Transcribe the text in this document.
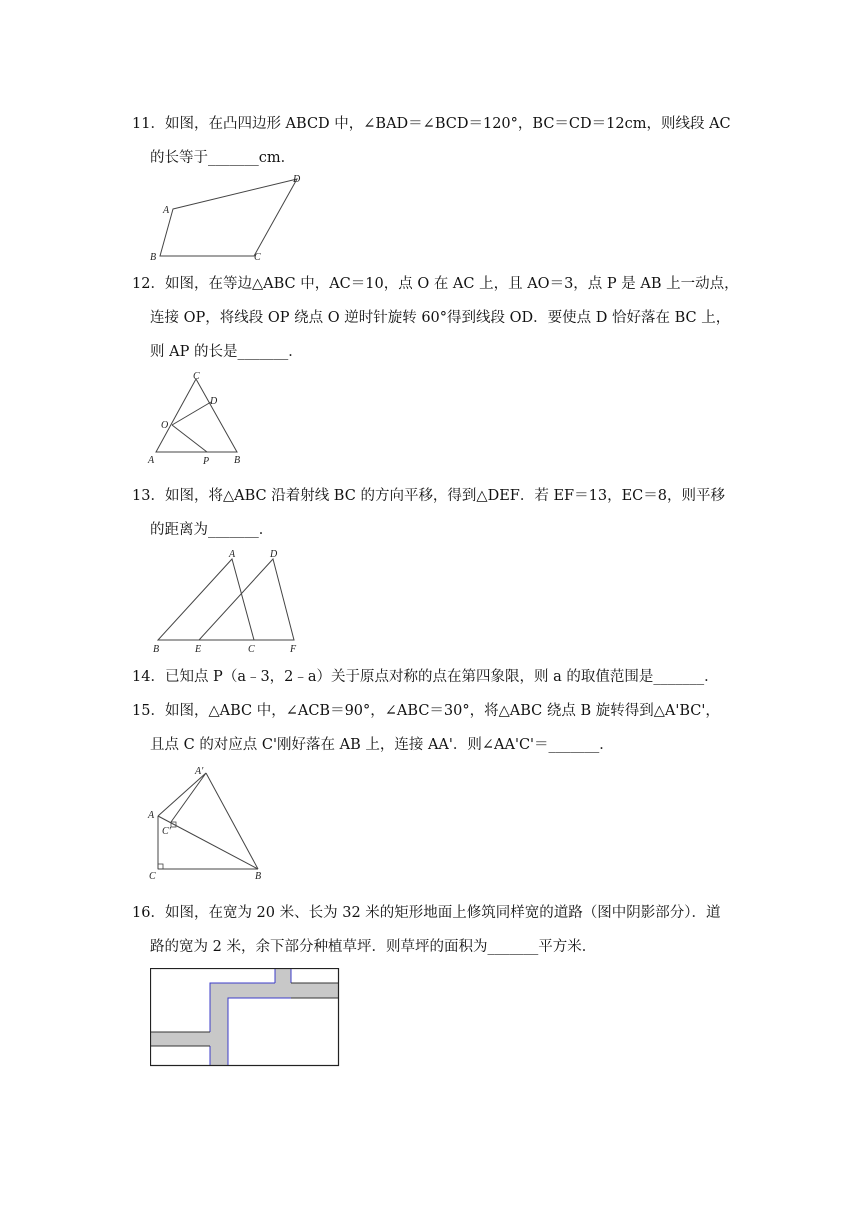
11．如图，在凸四边形 ABCD 中，∠BAD＝∠BCD＝120°，BC＝CD＝12cm，则线段 AC
的长等于_______cm．
A
B	C
D
12．如图，在等边△ABC 中，AC＝10，点 O 在 AC 上，且 AO＝3，点 P 是 AB 上一动点，
连接 OP，将线段 OP 绕点 O 逆时针旋转 60°得到线段 OD．要使点 D 恰好落在 BC 上，
则 AP 的长是_______．
C
D
O
A	P B
13．如图，将△ABC 沿着射线 BC 的方向平移，得到△DEF．若 EF＝13，EC＝8，则平移
的距离为_______．
A	D
B	E	C	F
14．已知点 P（a﹣3，2﹣a）关于原点对称的点在第四象限，则 a 的取值范围是_______．
15．如图，△ABC 中，∠ACB＝90°，∠ABC＝30°，将△ABC 绕点 B 旋转得到△A'BC'，
且点 C 的对应点 C'刚好落在 AB 上，连接 AA'．则∠AA'C'＝_______．
A'
A
C'
C	B
16．如图，在宽为 20 米、长为 32 米的矩形地面上修筑同样宽的道路（图中阴影部分）．道
路的宽为 2 米，余下部分种植草坪．则草坪的面积为_______平方米．
